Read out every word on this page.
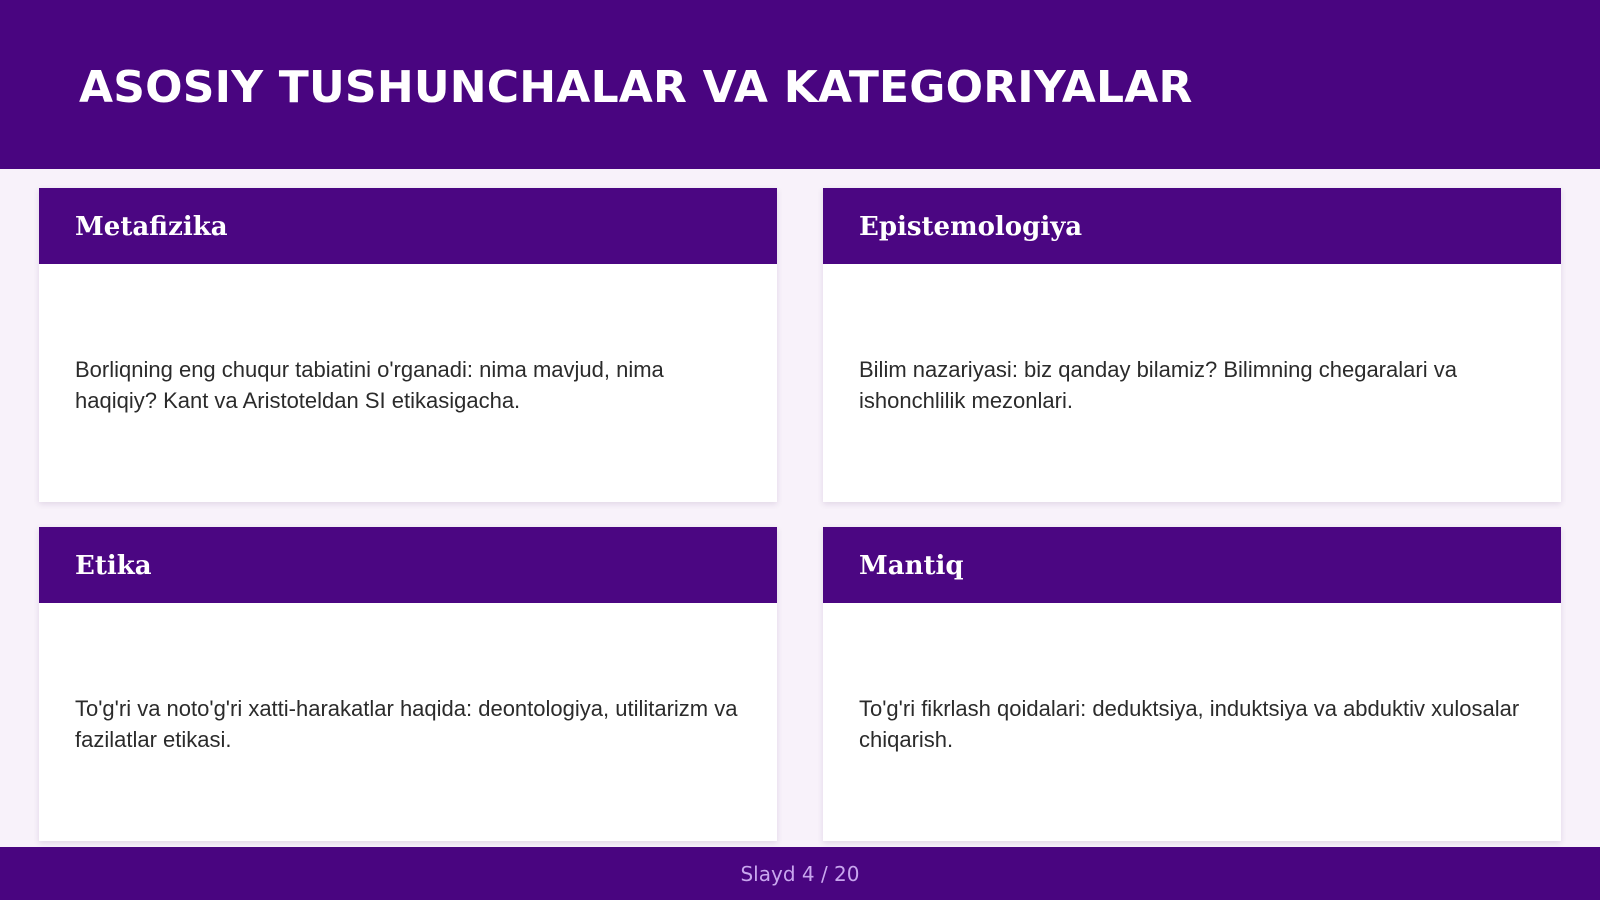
ASOSIY TUSHUNCHALAR VA KATEGORIYALAR
Metafizika
Borliqning eng chuqur tabiatini o'rganadi: nima mavjud, nima haqiqiy? Kant va Aristoteldan SI etikasigacha.
Epistemologiya
Bilim nazariyasi: biz qanday bilamiz? Bilimning chegaralari va ishonchlilik mezonlari.
Etika
To'g'ri va noto'g'ri xatti-harakatlar haqida: deontologiya, utilitarizm va fazilatlar etikasi.
Mantiq
To'g'ri fikrlash qoidalari: deduktsiya, induktsiya va abduktiv xulosalar chiqarish.
Slayd 4 / 20
